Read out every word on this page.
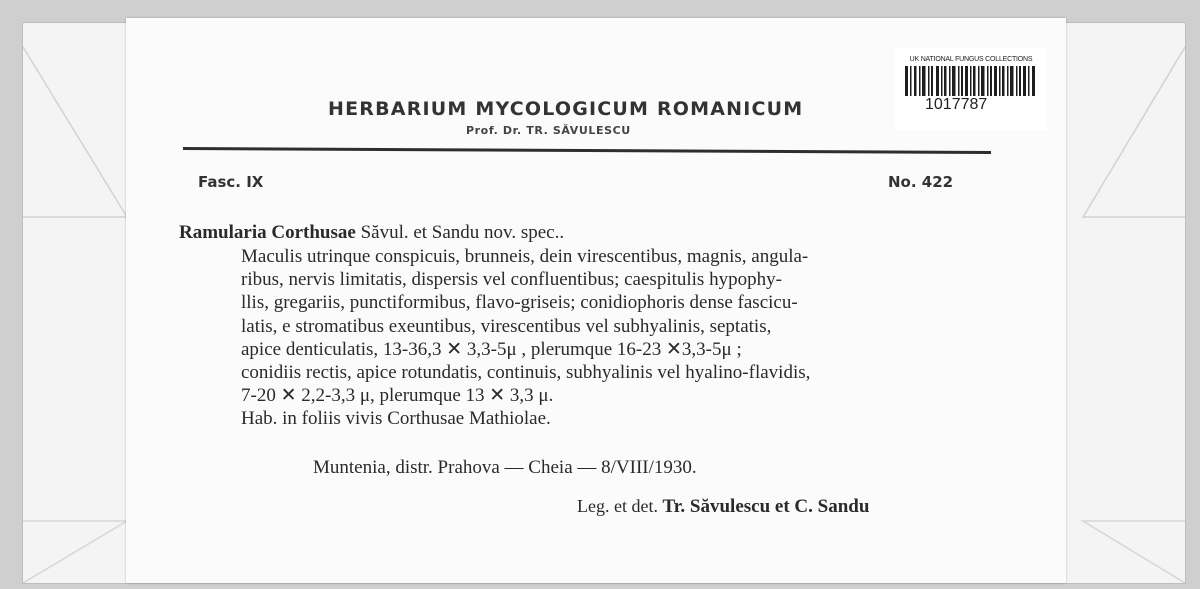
UK NATIONAL FUNGUS COLLECTIONS
1017787
HERBARIUM MYCOLOGICUM ROMANICUM
Prof. Dr. TR. SĂVULESCU
Fasc. IX	No. 422
Ramularia Corthusae Săvul. et Sandu nov. spec..
Maculis utrinque conspicuis, brunneis, dein virescentibus, magnis, angula-
ribus, nervis limitatis, dispersis vel confluentibus; caespitulis hypophy-
llis, gregariis, punctiformibus, flavo-griseis; conidiophoris dense fascicu-
latis, e stromatibus exeuntibus, virescentibus vel subhyalinis, septatis,
apice denticulatis, 13-36,3 ✕ 3,3-5μ , plerumque 16-23 ✕3,3-5μ ;
conidiis rectis, apice rotundatis, continuis, subhyalinis vel hyalino-flavidis,
7-20 ✕ 2,2-3,3 μ, plerumque 13 ✕ 3,3 μ.
Hab. in foliis vivis Corthusae Mathiolae.
Muntenia, distr. Prahova — Cheia — 8/VIII/1930.
Leg. et det. Tr. Săvulescu et C. Sandu
